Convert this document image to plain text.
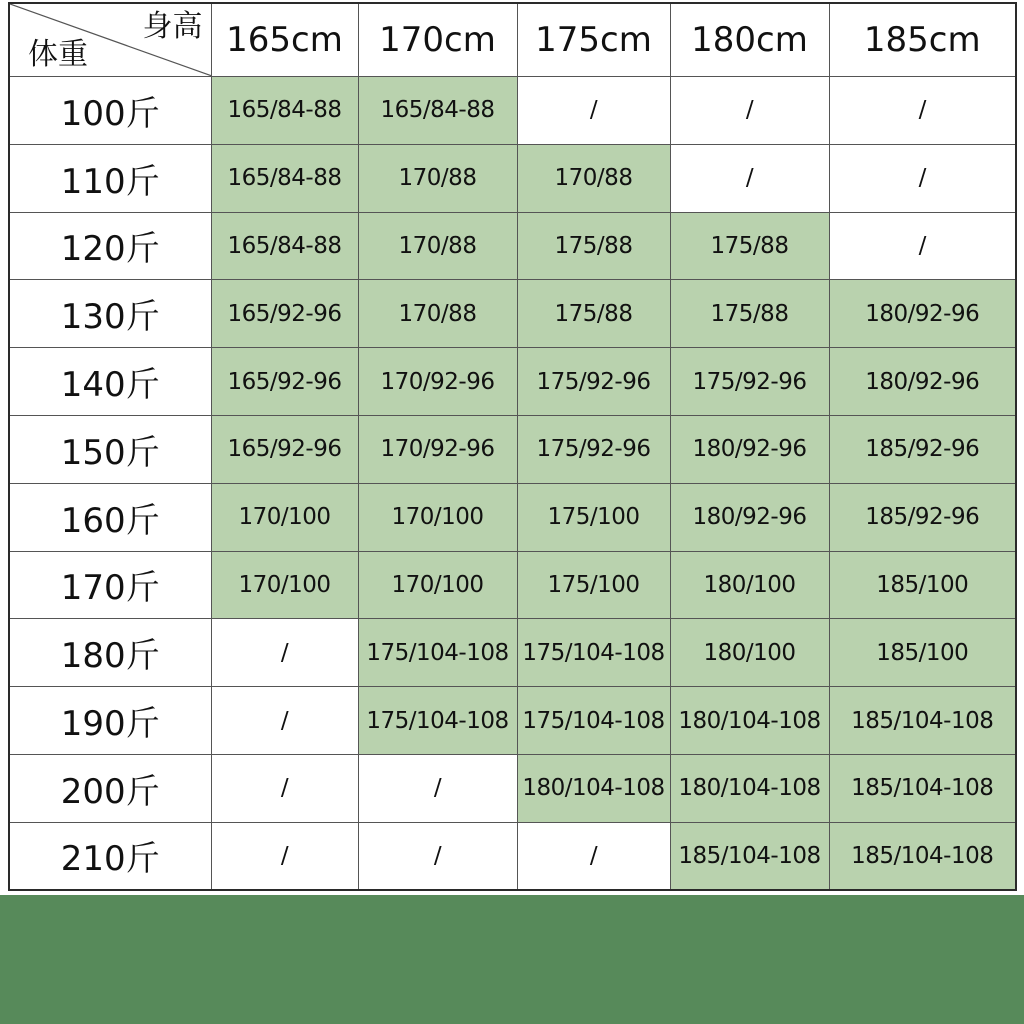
身高
体重	165cm	170cm	175cm	180cm	185cm
100斤	165/84-88	165/84-88	/	/	/
110斤	165/84-88	170/88	170/88	/	/
120斤	165/84-88	170/88	175/88	175/88	/
130斤	165/92-96	170/88	175/88	175/88	180/92-96
140斤	165/92-96	170/92-96	175/92-96	175/92-96	180/92-96
150斤	165/92-96	170/92-96	175/92-96	180/92-96	185/92-96
160斤	170/100	170/100	175/100	180/92-96	185/92-96
170斤	170/100	170/100	175/100	180/100	185/100
180斤	/	175/104-108	175/104-108	180/100	185/100
190斤	/	175/104-108	175/104-108	180/104-108	185/104-108
200斤	/	/	180/104-108	180/104-108	185/104-108
210斤	/	/	/	185/104-108	185/104-108
